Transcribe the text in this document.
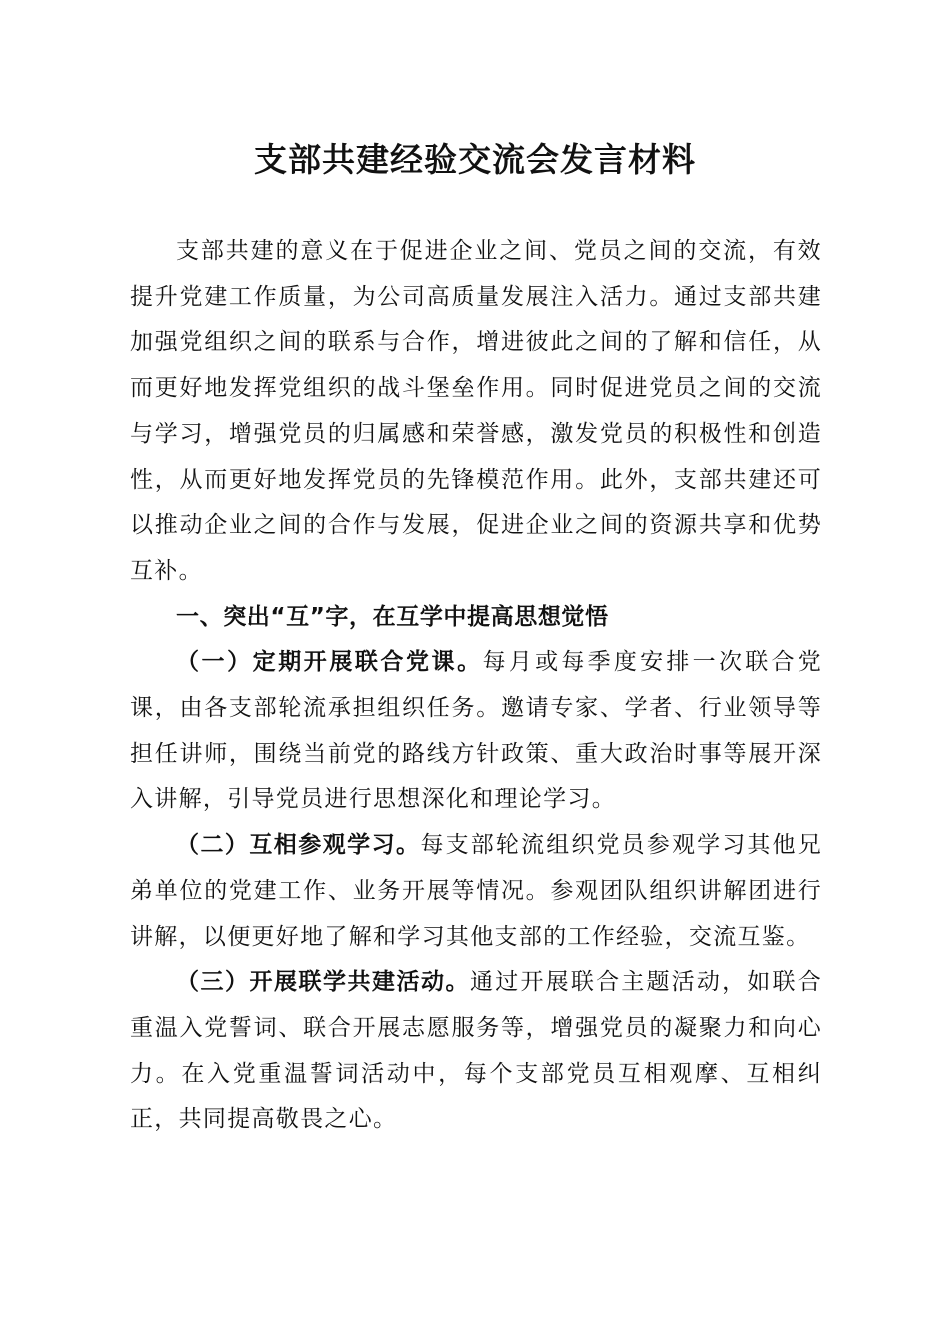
支部共建经验交流会发言材料

支部共建的意义在于促进企业之间、党员之间的交流，有效提升党建工作质量，为公司高质量发展注入活力。通过支部共建加强党组织之间的联系与合作，增进彼此之间的了解和信任，从而更好地发挥党组织的战斗堡垒作用。同时促进党员之间的交流与学习，增强党员的归属感和荣誉感，激发党员的积极性和创造性，从而更好地发挥党员的先锋模范作用。此外，支部共建还可以推动企业之间的合作与发展，促进企业之间的资源共享和优势互补。

一、突出“互”字，在互学中提高思想觉悟

（一）定期开展联合党课。每月或每季度安排一次联合党课，由各支部轮流承担组织任务。邀请专家、学者、行业领导等担任讲师，围绕当前党的路线方针政策、重大政治时事等展开深入讲解，引导党员进行思想深化和理论学习。

（二）互相参观学习。每支部轮流组织党员参观学习其他兄弟单位的党建工作、业务开展等情况。参观团队组织讲解团进行讲解，以便更好地了解和学习其他支部的工作经验，交流互鉴。

（三）开展联学共建活动。通过开展联合主题活动，如联合重温入党誓词、联合开展志愿服务等，增强党员的凝聚力和向心力。在入党重温誓词活动中，每个支部党员互相观摩、互相纠正，共同提高敬畏之心。
